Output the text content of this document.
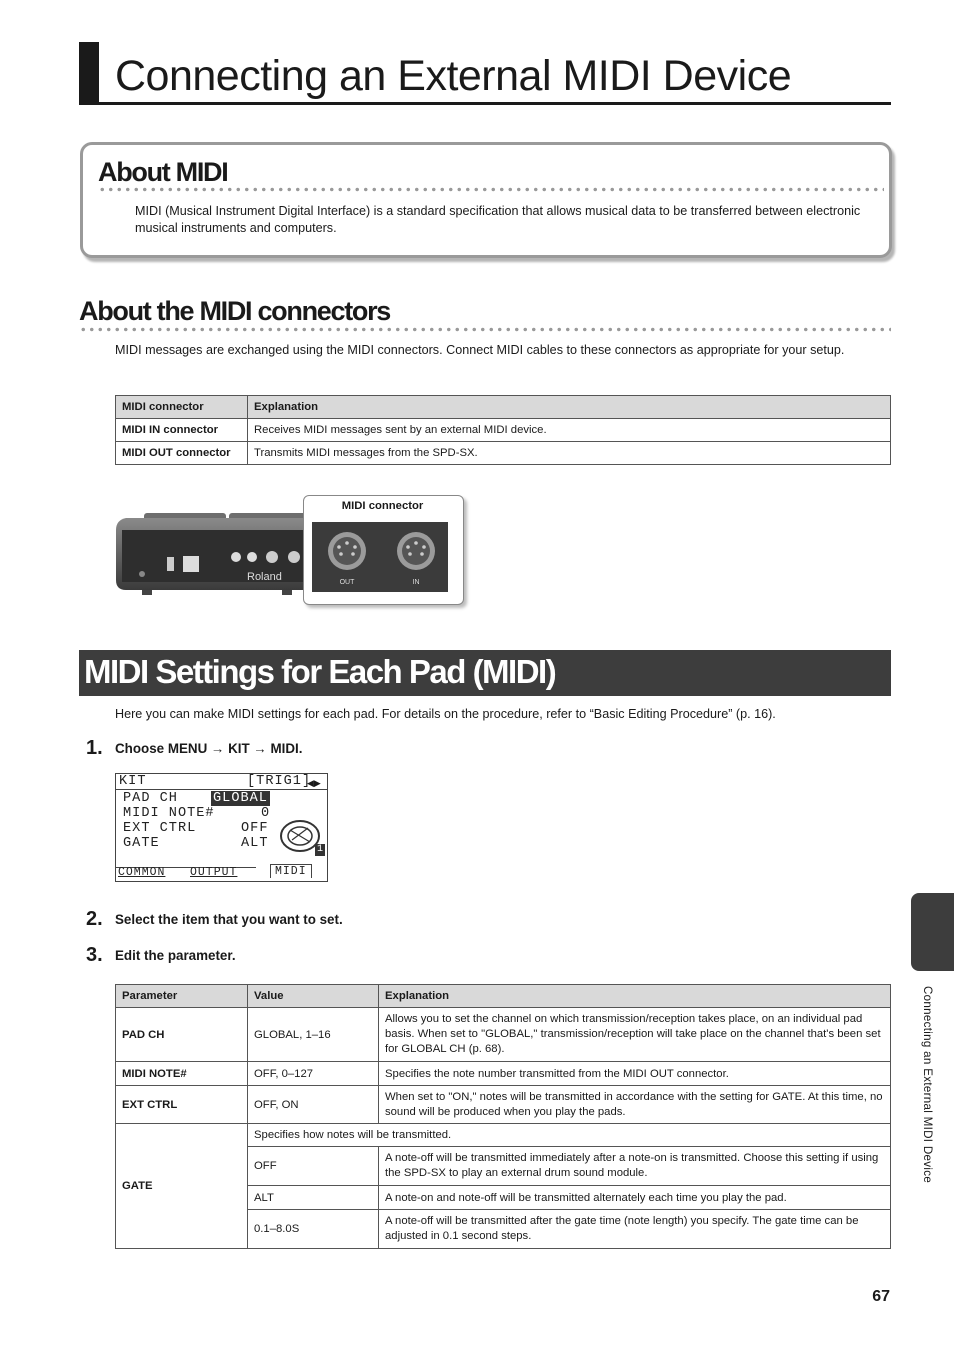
Connecting an External MIDI Device
About MIDI
MIDI (Musical Instrument Digital Interface) is a standard specification that allows musical data to be transferred between electronic musical instruments and computers.
About the MIDI connectors
MIDI messages are exchanged using the MIDI connectors. Connect MIDI cables to these connectors as appropriate for your setup.
MIDI connector	Explanation
MIDI IN connector	Receives MIDI messages sent by an external MIDI device.
MIDI OUT connector	Transmits MIDI messages from the SPD-SX.
Roland
MIDI connector
OUT	IN
MIDI Settings for Each Pad (MIDI)
Here you can make MIDI settings for each pad. For details on the procedure, refer to “Basic Editing Procedure” (p. 16).
1. Choose MENU → KIT → MIDI.
KIT	[TRIG1]
◀▶
PAD CH	GLOBAL
MIDI NOTE#	0
EXT CTRL	OFF
GATE	ALT	1
COMMON OUTPUT	MIDI
2. Select the item that you want to set.
3. Edit the parameter.
Parameter	Value	Explanation
PAD CH	GLOBAL, 1–16	Allows you to set the channel on which transmission/reception takes place, on an individual pad basis. When set to "GLOBAL," transmission/reception will take place on the channel that's been set for GLOBAL CH (p. 68).
MIDI NOTE#	OFF, 0–127	Specifies the note number transmitted from the MIDI OUT connector.
EXT CTRL	OFF, ON	When set to "ON," notes will be transmitted in accordance with the setting for GATE. At this time, no sound will be produced when you play the pads.
GATE	Specifies how notes will be transmitted.	
	OFF	A note-off will be transmitted immediately after a note-on is transmitted. Choose this setting if using the SPD-SX to play an external drum sound module.
	ALT	A note-on and note-off will be transmitted alternately each time you play the pad.
	0.1–8.0S	A note-off will be transmitted after the gate time (note length) you specify. The gate time can be adjusted in 0.1 second steps.
Connecting an External MIDI Device
67
